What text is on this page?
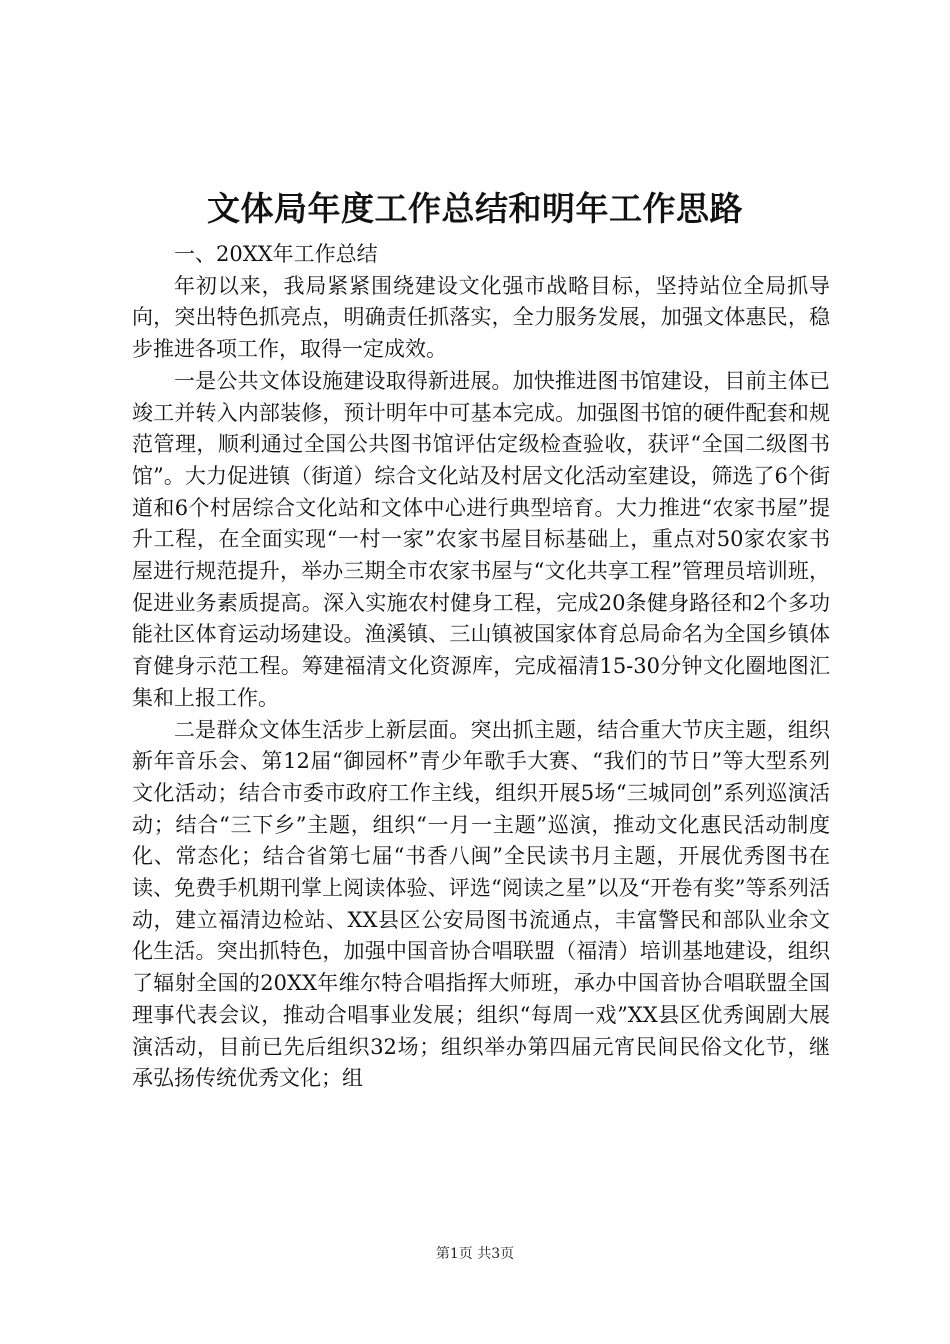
文体局年度工作总结和明年工作思路

一、20XX年工作总结

年初以来，我局紧紧围绕建设文化强市战略目标，坚持站位全局抓导向，突出特色抓亮点，明确责任抓落实，全力服务发展，加强文体惠民，稳步推进各项工作，取得一定成效。

一是公共文体设施建设取得新进展。加快推进图书馆建设，目前主体已竣工并转入内部装修，预计明年中可基本完成。加强图书馆的硬件配套和规范管理，顺利通过全国公共图书馆评估定级检查验收，获评“全国二级图书馆”。大力促进镇（街道）综合文化站及村居文化活动室建设，筛选了6个街道和6个村居综合文化站和文体中心进行典型培育。大力推进“农家书屋”提升工程，在全面实现“一村一家”农家书屋目标基础上，重点对50家农家书屋进行规范提升，举办三期全市农家书屋与“文化共享工程”管理员培训班，促进业务素质提高。深入实施农村健身工程，完成20条健身路径和2个多功能社区体育运动场建设。渔溪镇、三山镇被国家体育总局命名为全国乡镇体育健身示范工程。筹建福清文化资源库，完成福清15-30分钟文化圈地图汇集和上报工作。

二是群众文体生活步上新层面。突出抓主题，结合重大节庆主题，组织新年音乐会、第12届“御园杯”青少年歌手大赛、“我们的节日”等大型系列文化活动；结合市委市政府工作主线，组织开展5场“三城同创”系列巡演活动；结合“三下乡”主题，组织“一月一主题”巡演，推动文化惠民活动制度化、常态化；结合省第七届“书香八闽”全民读书月主题，开展优秀图书在读、免费手机期刊掌上阅读体验、评选“阅读之星”以及“开卷有奖”等系列活动，建立福清边检站、XX县区公安局图书流通点，丰富警民和部队业余文化生活。突出抓特色，加强中国音协合唱联盟（福清）培训基地建设，组织了辐射全国的20XX年维尔特合唱指挥大师班，承办中国音协合唱联盟全国理事代表会议，推动合唱事业发展；组织“每周一戏”XX县区优秀闽剧大展演活动，目前已先后组织32场；组织举办第四届元宵民间民俗文化节，继承弘扬传统优秀文化；组

第1页 共3页
